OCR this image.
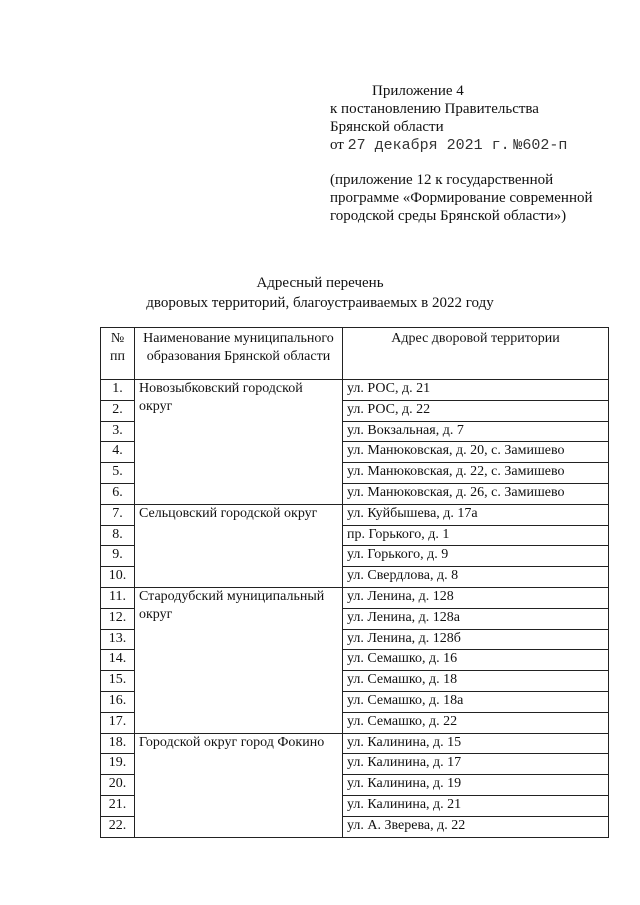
Приложение 4
к постановлению Правительства
Брянской области
от 27 декабря 2021 г. №602-п
(приложение 12 к государственной
программе «Формирование современной
городской среды Брянской области»)
Адресный перечень
дворовых территорий, благоустраиваемых в 2022 году
№ пп	Наименование муниципального образования Брянской области	Адрес дворовой территории
1.	Новозыбковский городской округ	ул. РОС, д. 21
2.		ул. РОС, д. 22
3.		ул. Вокзальная, д. 7
4.		ул. Манюковская, д. 20, с. Замишево
5.		ул. Манюковская, д. 22, с. Замишево
6.		ул. Манюковская, д. 26, с. Замишево
7.	Сельцовский городской округ	ул. Куйбышева, д. 17а
8.		пр. Горького, д. 1
9.		ул. Горького, д. 9
10.		ул. Свердлова, д. 8
11.	Стародубский муниципальный округ	ул. Ленина, д. 128
12.		ул. Ленина, д. 128а
13.		ул. Ленина, д. 128б
14.		ул. Семашко, д. 16
15.		ул. Семашко, д. 18
16.		ул. Семашко, д. 18а
17.		ул. Семашко, д. 22
18.	Городской округ город Фокино	ул. Калинина, д. 15
19.		ул. Калинина, д. 17
20.		ул. Калинина, д. 19
21.		ул. Калинина, д. 21
22.		ул. А. Зверева, д. 22
